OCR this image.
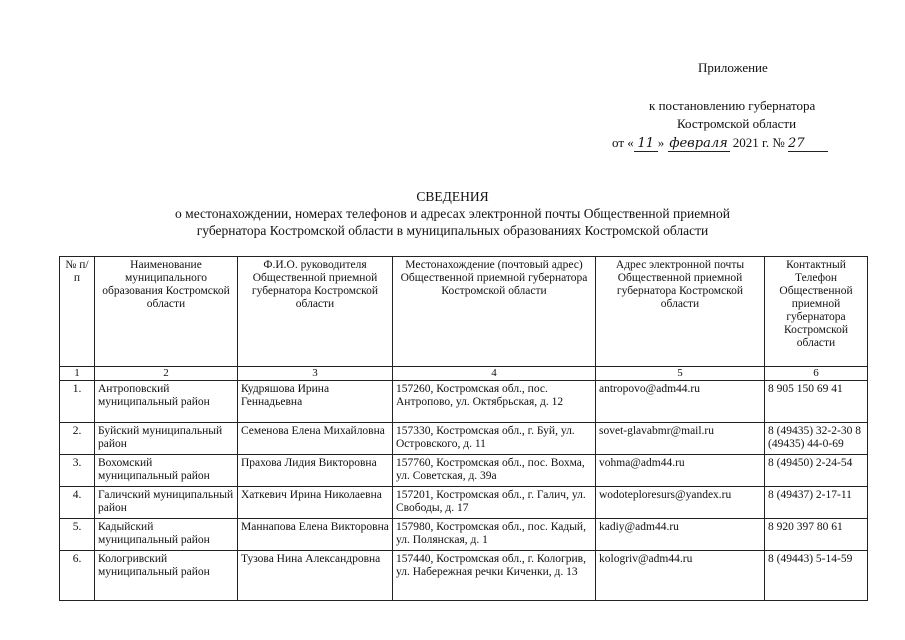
Приложение
к постановлению губернатора
Костромской области
от « 11 » февраля 2021 г. № 27
СВЕДЕНИЯ
о местонахождении, номерах телефонов и адресах электронной почты Общественной приемной
губернатора Костромской области в муниципальных образованиях Костромской области
№ п/п	Наименование муниципального образования Костромской области	Ф.И.О. руководителя Общественной приемной губернатора Костромской области	Местонахождение (почтовый адрес) Общественной приемной губернатора Костромской области	Адрес электронной почты Общественной приемной губернатора Костромской области	Контактный Телефон Общественной приемной губернатора Костромской области
1	2	3	4	5	6
1.	Антроповский муниципальный район	Кудряшова Ирина Геннадьевна	157260, Костромская обл., пос. Антропово, ул. Октябрьская, д. 12	antropovo@adm44.ru	8 905 150 69 41
2.	Буйский муниципальный район	Семенова Елена Михайловна	157330, Костромская обл., г. Буй, ул. Островского, д. 11	sovet-glavabmr@mail.ru	8 (49435) 32-2-30 8 (49435) 44-0-69
3.	Вохомский муниципальный район	Прахова Лидия Викторовна	157760, Костромская обл., пос. Вохма, ул. Советская, д. 39а	vohma@adm44.ru	8 (49450) 2-24-54
4.	Галичский муниципальный район	Хаткевич Ирина Николаевна	157201, Костромская обл., г. Галич, ул. Свободы, д. 17	wodoteploresurs@yandex.ru	8 (49437) 2-17-11
5.	Кадыйский муниципальный район	Маннапова Елена Викторовна	157980, Костромская обл., пос. Кадый, ул. Полянская, д. 1	kadiy@adm44.ru	8 920 397 80 61
6.	Кологривский муниципальный район	Тузова Нина Александровна	157440, Костромская обл., г. Кологрив, ул. Набережная речки Киченки, д. 13	kologriv@adm44.ru	8 (49443) 5-14-59
